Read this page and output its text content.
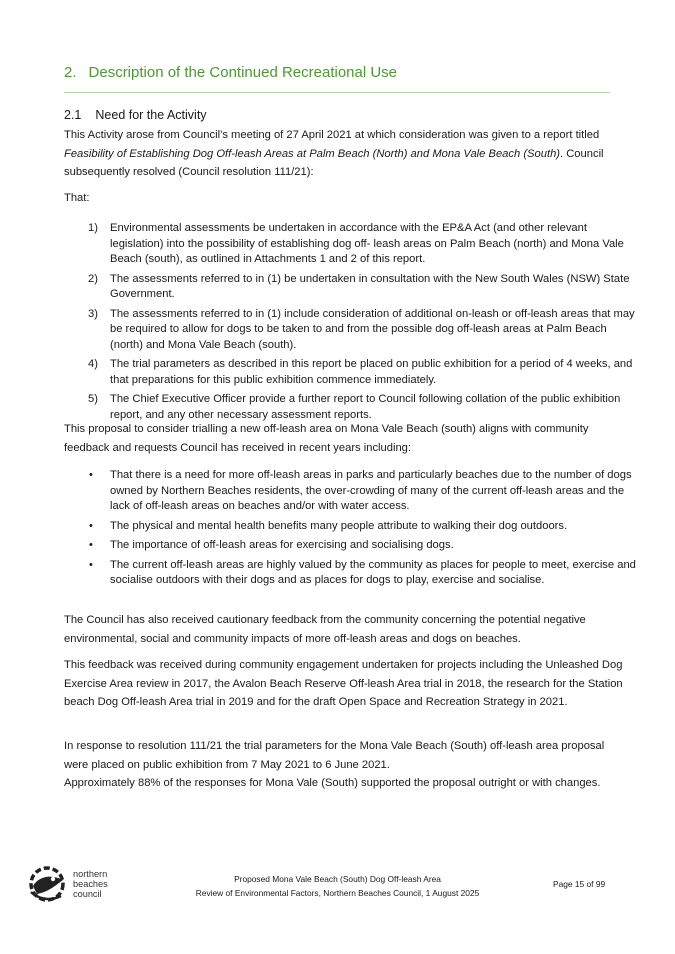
2. Description of the Continued Recreational Use
2.1 Need for the Activity
This Activity arose from Council’s meeting of 27 April 2021 at which consideration was given to a report titled Feasibility of Establishing Dog Off-leash Areas at Palm Beach (North) and Mona Vale Beach (South). Council subsequently resolved (Council resolution 111/21):
That:
1) Environmental assessments be undertaken in accordance with the EP&A Act (and other relevant legislation) into the possibility of establishing dog off- leash areas on Palm Beach (north) and Mona Vale Beach (south), as outlined in Attachments 1 and 2 of this report.
2) The assessments referred to in (1) be undertaken in consultation with the New South Wales (NSW) State Government.
3) The assessments referred to in (1) include consideration of additional on-leash or off-leash areas that may be required to allow for dogs to be taken to and from the possible dog off-leash areas at Palm Beach (north) and Mona Vale Beach (south).
4) The trial parameters as described in this report be placed on public exhibition for a period of 4 weeks, and that preparations for this public exhibition commence immediately.
5) The Chief Executive Officer provide a further report to Council following collation of the public exhibition report, and any other necessary assessment reports.
This proposal to consider trialling a new off-leash area on Mona Vale Beach (south) aligns with community feedback and requests Council has received in recent years including:
• That there is a need for more off-leash areas in parks and particularly beaches due to the number of dogs owned by Northern Beaches residents, the over-crowding of many of the current off-leash areas and the lack of off-leash areas on beaches and/or with water access.
• The physical and mental health benefits many people attribute to walking their dog outdoors.
• The importance of off-leash areas for exercising and socialising dogs.
• The current off-leash areas are highly valued by the community as places for people to meet, exercise and socialise outdoors with their dogs and as places for dogs to play, exercise and socialise.
The Council has also received cautionary feedback from the community concerning the potential negative environmental, social and community impacts of more off-leash areas and dogs on beaches.
This feedback was received during community engagement undertaken for projects including the Unleashed Dog Exercise Area review in 2017, the Avalon Beach Reserve Off-leash Area trial in 2018, the research for the Station beach Dog Off-leash Area trial in 2019 and for the draft Open Space and Recreation Strategy in 2021.
In response to resolution 111/21 the trial parameters for the Mona Vale Beach (South) off-leash area proposal were placed on public exhibition from 7 May 2021 to 6 June 2021.
Approximately 88% of the responses for Mona Vale (South) supported the proposal outright or with changes.
northern
beaches
council
Proposed Mona Vale Beach (South) Dog Off-leash Area
Review of Environmental Factors, Northern Beaches Council, 1 August 2025
Page 15 of 99
